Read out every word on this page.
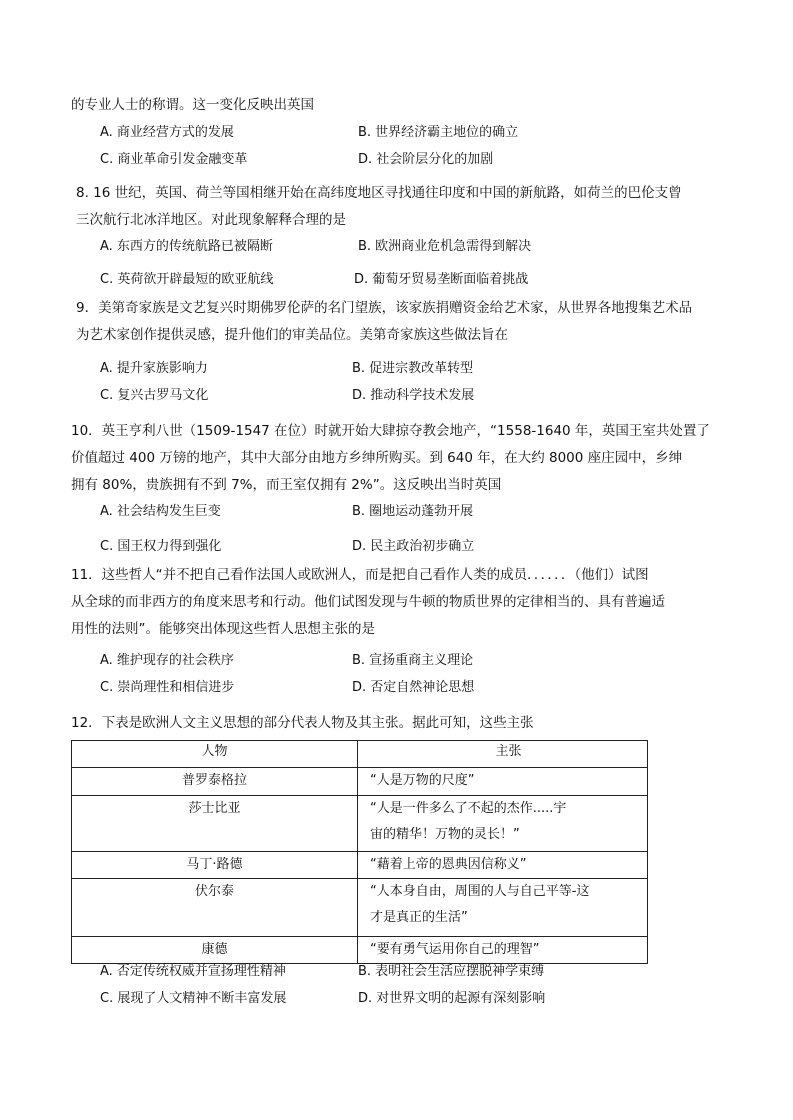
的专业人士的称谓。这一变化反映出英国
A. 商业经营方式的发展	B. 世界经济霸主地位的确立
C. 商业革命引发金融变革	D. 社会阶层分化的加剧
8. 16 世纪，英国、荷兰等国相继开始在高纬度地区寻找通往印度和中国的新航路，如荷兰的巴伦支曾
三次航行北冰洋地区。对此现象解释合理的是
A. 东西方的传统航路已被隔断	B. 欧洲商业危机急需得到解决
C. 英荷欲开辟最短的欧亚航线	D. 葡萄牙贸易垄断面临着挑战
9．美第奇家族是文艺复兴时期佛罗伦萨的名门望族，该家族捐赠资金给艺术家，从世界各地搜集艺术品
为艺术家创作提供灵感，提升他们的审美品位。美第奇家族这些做法旨在
A. 提升家族影响力	B. 促进宗教改革转型
C. 复兴古罗马文化	D. 推动科学技术发展
10．英王亨利八世（1509-1547 在位）时就开始大肆掠夺教会地产，“1558-1640 年，英国王室共处置了
价值超过 400 万镑的地产，其中大部分由地方乡绅所购买。到 640 年，在大约 8000 座庄园中，乡绅
拥有 80%，贵族拥有不到 7%，而王室仅拥有 2%”。这反映出当时英国
A. 社会结构发生巨变	B. 圈地运动蓬勃开展
C. 国王权力得到强化	D. 民主政治初步确立
11．这些哲人“并不把自己看作法国人或欧洲人，而是把自己看作人类的成员．．．．．．（他们）试图
从全球的而非西方的角度来思考和行动。他们试图发现与牛顿的物质世界的定律相当的、具有普遍适
用性的法则”。能够突出体现这些哲人思想主张的是
A. 维护现存的社会秩序	B. 宣扬重商主义理论
C. 崇尚理性和相信进步	D. 否定自然神论思想
12．下表是欧洲人文主义思想的部分代表人物及其主张。据此可知，这些主张
人物	主张

普罗泰格拉	“人是万物的尺度”

莎士比亚	“人是一件多么了不起的杰作.....宇
宙的精华！万物的灵长！”

马丁·路德	“藉着上帝的恩典因信称义”

伏尔泰	“人本身自由，周围的人与自己平等-这
才是真正的生活”

康德	“要有勇气运用你自己的理智”
A. 否定传统权威并宣扬理性精神	B. 表明社会生活应摆脱神学束缚
C. 展现了人文精神不断丰富发展	D. 对世界文明的起源有深刻影响
